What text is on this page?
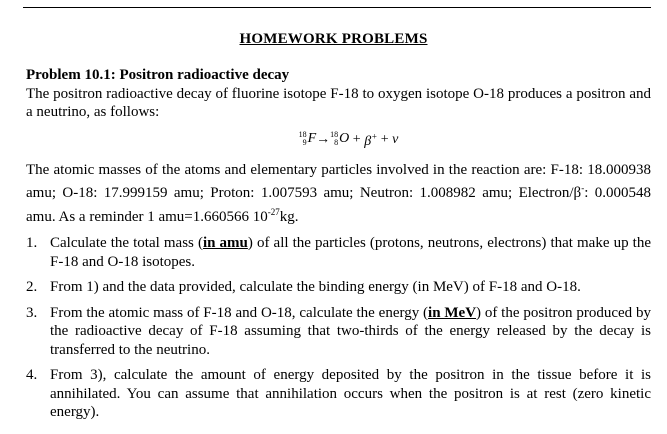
HOMEWORK PROBLEMS

Problem 10.1: Positron radioactive decay

The positron radioactive decay of fluorine isotope F-18 to oxygen isotope O-18 produces a positron and a neutrino, as follows:

18
9 F→ 18
8 O + β+ + ν

The atomic masses of the atoms and elementary particles involved in the reaction are: F-18: 18.000938 amu; O-18: 17.999159 amu; Proton: 1.007593 amu; Neutron: 1.008982 amu; Electron/β-: 0.000548 amu. As a reminder 1 amu=1.660566 $10^{-27}kg$.

1. Calculate the total mass (in amu) of all the particles (protons, neutrons, electrons) that make up the F-18 and O-18 isotopes.
2. From 1) and the data provided, calculate the binding energy (in MeV) of F-18 and O-18.
3. From the atomic mass of F-18 and O-18, calculate the energy (in MeV) of the positron produced by the radioactive decay of F-18 assuming that two-thirds of the energy released by the decay is transferred to the neutrino.
4. From 3), calculate the amount of energy deposited by the positron in the tissue before it is annihilated. You can assume that annihilation occurs when the positron is at rest (zero kinetic energy).
